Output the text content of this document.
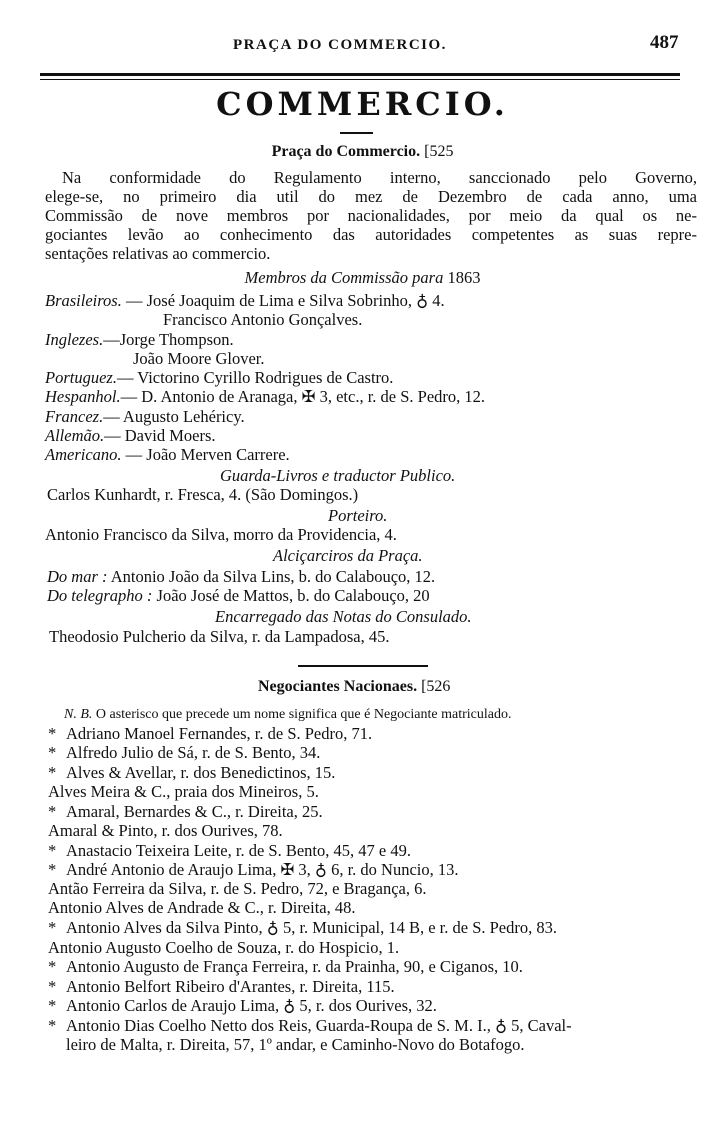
PRAÇA DO COMMERCIO.	487
COMMERCIO.
Praça do Commercio. [525
Na conformidade do Regulamento interno, sanccionado pelo Governo,
elege-se, no primeiro dia util do mez de Dezembro de cada anno, uma
Commissão de nove membros por nacionalidades, por meio da qual os ne-
gociantes levão ao conhecimento das autoridades competentes as suas repre-
sentações relativas ao commercio.
Membros da Commissão para 1863
Brasileiros. — José Joaquim de Lima e Silva Sobrinho, ♁ 4.
Francisco Antonio Gonçalves.
Inglezes.—Jorge Thompson.
João Moore Glover.
Portuguez.— Victorino Cyrillo Rodrigues de Castro.
Hespanhol.— D. Antonio de Aranaga, ✠ 3, etc., r. de S. Pedro, 12.
Francez.— Augusto Lehéricy.
Allemão.— David Moers.
Americano. — João Merven Carrere.
Guarda-Livros e traductor Publico.
Carlos Kunhardt, r. Fresca, 4. (São Domingos.)
Porteiro.
Antonio Francisco da Silva, morro da Providencia, 4.
Alciçarciros da Praça.
Do mar : Antonio João da Silva Lins, b. do Calabouço, 12.
Do telegrapho : João José de Mattos, b. do Calabouço, 20
Encarregado das Notas do Consulado.
Theodosio Pulcherio da Silva, r. da Lampadosa, 45.
Negociantes Nacionaes. [526
N. B. O asterisco que precede um nome significa que é Negociante matriculado.
* Adriano Manoel Fernandes, r. de S. Pedro, 71.
* Alfredo Julio de Sá, r. de S. Bento, 34.
* Alves & Avellar, r. dos Benedictinos, 15.
Alves Meira & C., praia dos Mineiros, 5.
* Amaral, Bernardes & C., r. Direita, 25.
Amaral & Pinto, r. dos Ourives, 78.
* Anastacio Teixeira Leite, r. de S. Bento, 45, 47 e 49.
* André Antonio de Araujo Lima, ✠ 3, ♁ 6, r. do Nuncio, 13.
Antão Ferreira da Silva, r. de S. Pedro, 72, e Bragança, 6.
Antonio Alves de Andrade & C., r. Direita, 48.
* Antonio Alves da Silva Pinto, ♁ 5, r. Municipal, 14 B, e r. de S. Pedro, 83.
Antonio Augusto Coelho de Souza, r. do Hospicio, 1.
* Antonio Augusto de França Ferreira, r. da Prainha, 90, e Ciganos, 10.
* Antonio Belfort Ribeiro d'Arantes, r. Direita, 115.
* Antonio Carlos de Araujo Lima, ♁ 5, r. dos Ourives, 32.
* Antonio Dias Coelho Netto dos Reis, Guarda-Roupa de S. M. I., ♁ 5, Caval-
leiro de Malta, r. Direita, 57, 1º andar, e Caminho-Novo do Botafogo.
